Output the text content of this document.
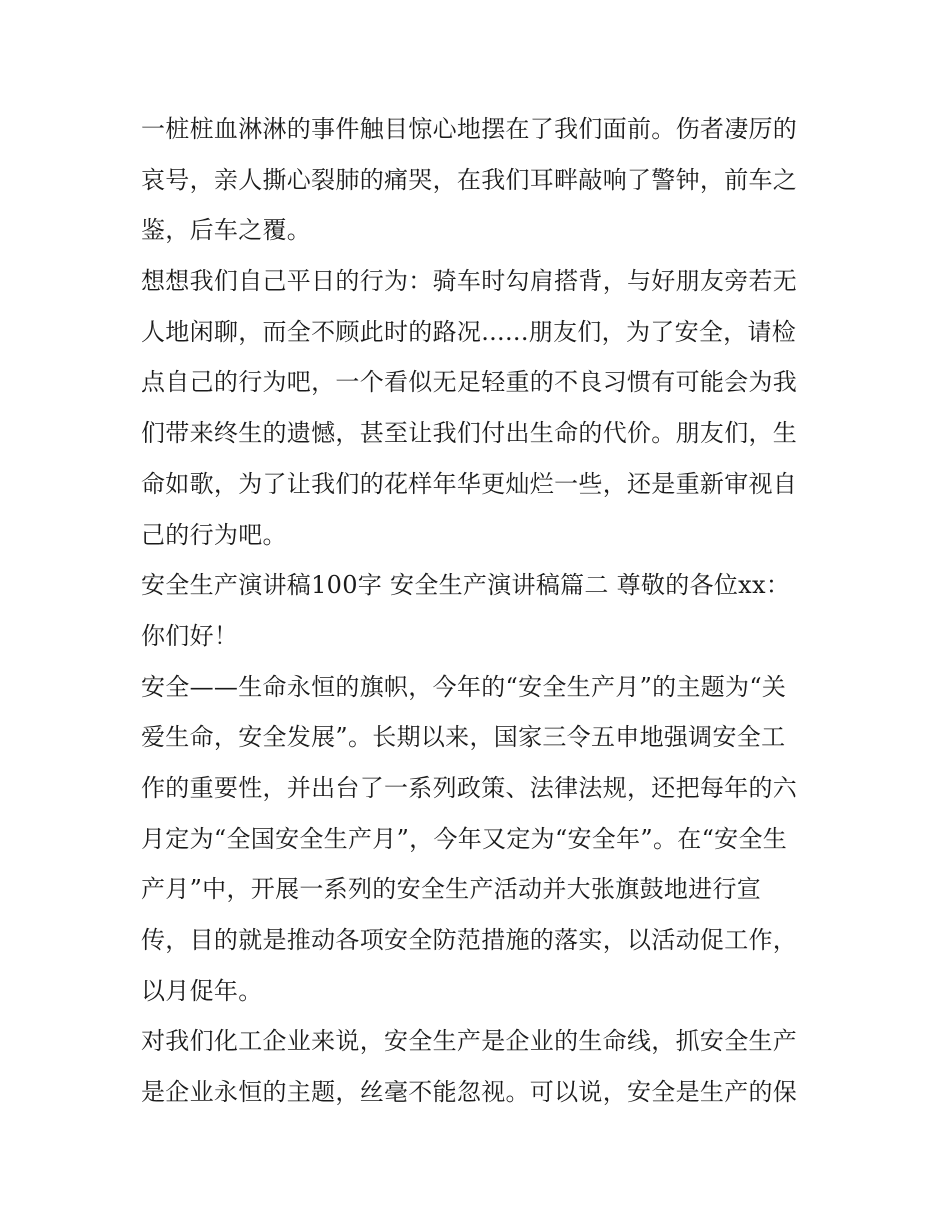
一桩桩血淋淋的事件触目惊心地摆在了我们面前。伤者凄厉的
哀号，亲人撕心裂肺的痛哭，在我们耳畔敲响了警钟，前车之
鉴，后车之覆。
想想我们自己平日的行为：骑车时勾肩搭背，与好朋友旁若无
人地闲聊，而全不顾此时的路况......朋友们，为了安全，请检
点自己的行为吧，一个看似无足轻重的不良习惯有可能会为我
们带来终生的遗憾，甚至让我们付出生命的代价。朋友们，生
命如歌，为了让我们的花样年华更灿烂一些，还是重新审视自
己的行为吧。
安全生产演讲稿100字 安全生产演讲稿篇二 尊敬的各位xx：
你们好！
安全——生命永恒的旗帜，今年的“安全生产月”的主题为“关
爱生命，安全发展”。长期以来，国家三令五申地强调安全工
作的重要性，并出台了一系列政策、法律法规，还把每年的六
月定为“全国安全生产月”，今年又定为“安全年”。在“安全生
产月”中，开展一系列的安全生产活动并大张旗鼓地进行宣
传，目的就是推动各项安全防范措施的落实，以活动促工作，
以月促年。
对我们化工企业来说，安全生产是企业的生命线，抓安全生产
是企业永恒的主题，丝毫不能忽视。可以说，安全是生产的保
